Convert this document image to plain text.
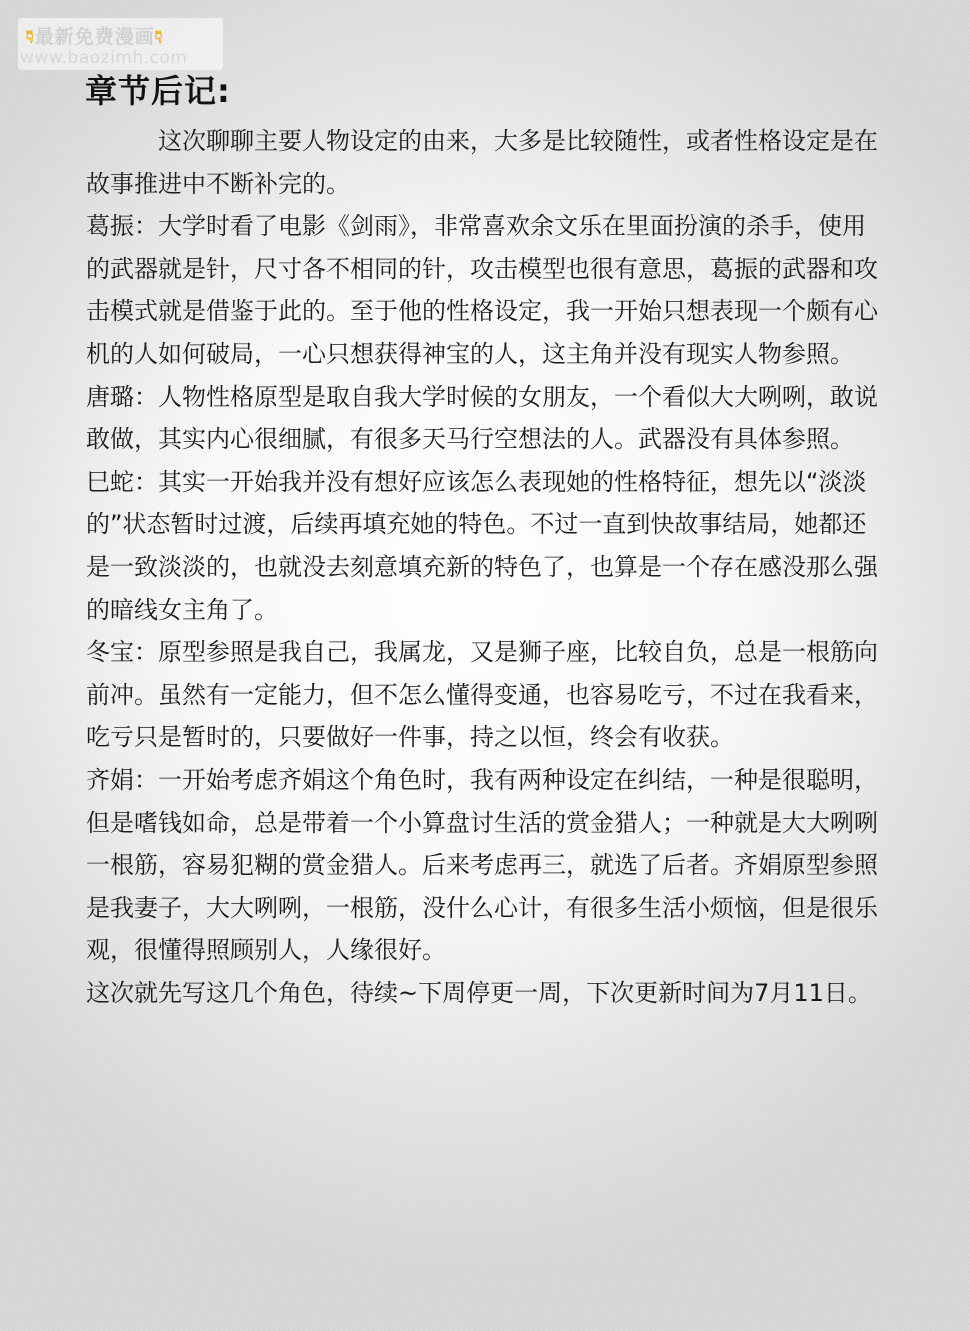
👇︎最新免费漫画👇︎
www.baozimh.com
章节后记:

这次聊聊主要人物设定的由来，大多是比较随性，或者性格设定是在故事推进中不断补完的。

葛振：大学时看了电影《剑雨》，非常喜欢余文乐在里面扮演的杀手，使用的武器就是针，尺寸各不相同的针，攻击模型也很有意思，葛振的武器和攻击模式就是借鉴于此的。至于他的性格设定，我一开始只想表现一个颇有心机的人如何破局，一心只想获得神宝的人，这主角并没有现实人物参照。

唐璐：人物性格原型是取自我大学时候的女朋友，一个看似大大咧咧，敢说敢做，其实内心很细腻，有很多天马行空想法的人。武器没有具体参照。

巳蛇：其实一开始我并没有想好应该怎么表现她的性格特征，想先以“淡淡的”状态暂时过渡，后续再填充她的特色。不过一直到快故事结局，她都还是一致淡淡的，也就没去刻意填充新的特色了，也算是一个存在感没那么强的暗线女主角了。

冬宝：原型参照是我自己，我属龙，又是狮子座，比较自负，总是一根筋向前冲。虽然有一定能力，但不怎么懂得变通，也容易吃亏，不过在我看来，吃亏只是暂时的，只要做好一件事，持之以恒，终会有收获。

齐娟：一开始考虑齐娟这个角色时，我有两种设定在纠结，一种是很聪明，但是嗜钱如命，总是带着一个小算盘讨生活的赏金猎人；一种就是大大咧咧一根筋，容易犯糊的赏金猎人。后来考虑再三，就选了后者。齐娟原型参照是我妻子，大大咧咧，一根筋，没什么心计，有很多生活小烦恼，但是很乐观，很懂得照顾别人，人缘很好。

这次就先写这几个角色，待续~下周停更一周，下次更新时间为7月11日。
